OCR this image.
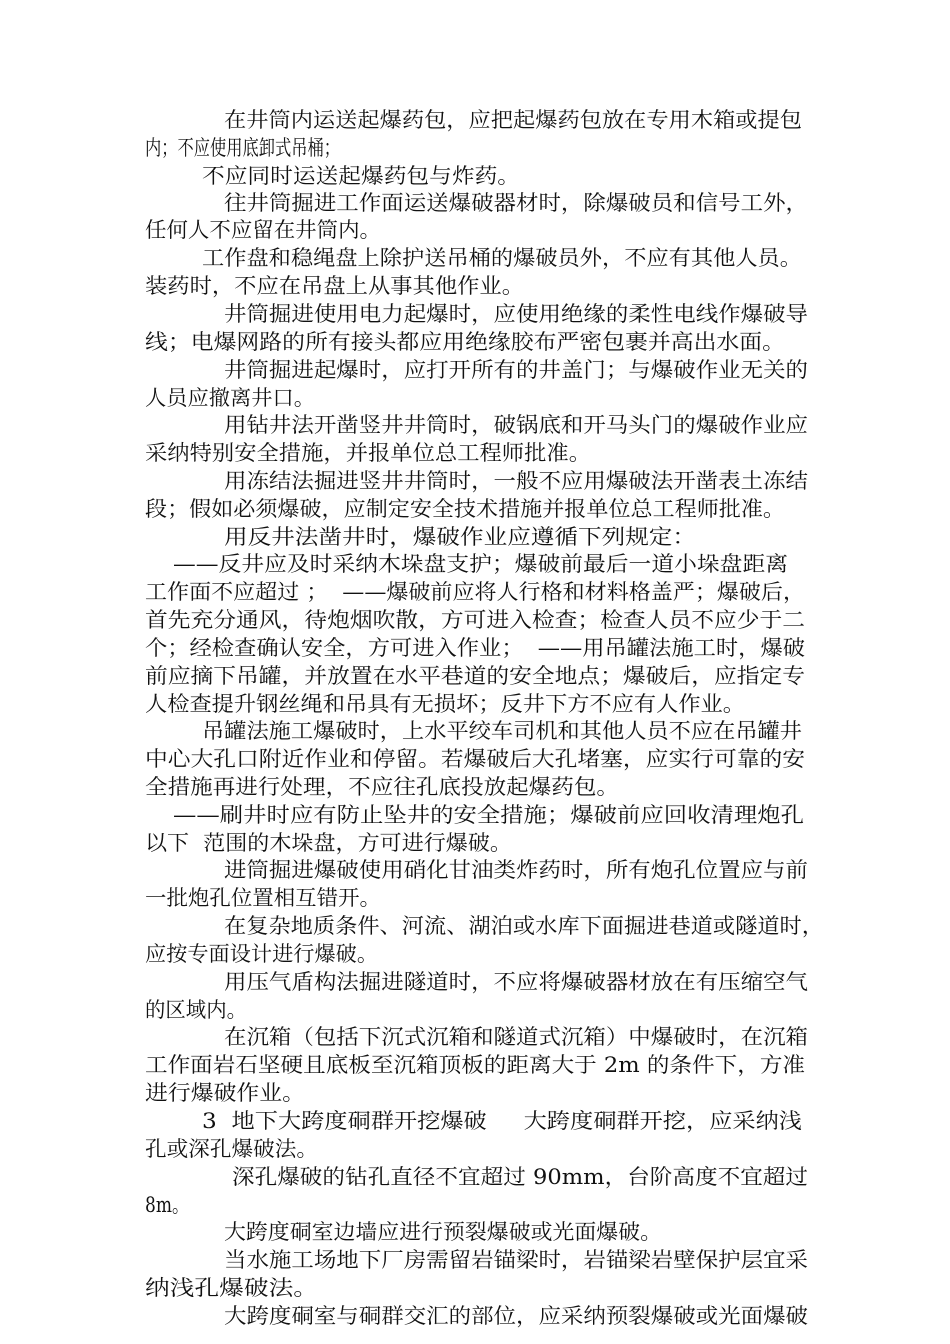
在井筒内运送起爆药包，应把起爆药包放在专用木箱或提包
内；不应使用底卸式吊桶；
不应同时运送起爆药包与炸药。
往井筒掘进工作面运送爆破器材时，除爆破员和信号工外，
任何人不应留在井筒内。
工作盘和稳绳盘上除护送吊桶的爆破员外，不应有其他人员。
装药时，不应在吊盘上从事其他作业。
井筒掘进使用电力起爆时，应使用绝缘的柔性电线作爆破导
线；电爆网路的所有接头都应用绝缘胶布严密包裹并高出水面。
井筒掘进起爆时，应打开所有的井盖门；与爆破作业无关的
人员应撤离井口。
用钻井法开凿竖井井筒时，破锅底和开马头门的爆破作业应
采纳特别安全措施，并报单位总工程师批准。
用冻结法掘进竖井井筒时，一般不应用爆破法开凿表土冻结
段；假如必须爆破，应制定安全技术措施并报单位总工程师批准。
用反井法凿井时，爆破作业应遵循下列规定：
——反井应及时采纳木垛盘支护；爆破前最后一道小垛盘距离
工作面不应超过 ；  ——爆破前应将人行格和材料格盖严；爆破后，
首先充分通风，待炮烟吹散，方可进入检查；检查人员不应少于二
个；经检查确认安全，方可进入作业；  ——用吊罐法施工时，爆破
前应摘下吊罐，并放置在水平巷道的安全地点；爆破后，应指定专
人检查提升钢丝绳和吊具有无损坏；反井下方不应有人作业。
吊罐法施工爆破时，上水平绞车司机和其他人员不应在吊罐井
中心大孔口附近作业和停留。若爆破后大孔堵塞，应实行可靠的安
全措施再进行处理，不应往孔底投放起爆药包。
——刷井时应有防止坠井的安全措施；爆破前应回收清理炮孔
以下  范围的木垛盘，方可进行爆破。
进筒掘进爆破使用硝化甘油类炸药时，所有炮孔位置应与前
一批炮孔位置相互错开。
在复杂地质条件、河流、湖泊或水库下面掘进巷道或隧道时，
应按专面设计进行爆破。
用压气盾构法掘进隧道时，不应将爆破器材放在有压缩空气
的区域内。
在沉箱（包括下沉式沉箱和隧道式沉箱）中爆破时，在沉箱
工作面岩石坚硬且底板至沉箱顶板的距离大于 2m 的条件下，方准
进行爆破作业。
3  地下大跨度硐群开挖爆破     大跨度硐群开挖，应采纳浅
孔或深孔爆破法。
深孔爆破的钻孔直径不宜超过 90mm，台阶高度不宜超过
8m。
大跨度硐室边墙应进行预裂爆破或光面爆破。
当水施工场地下厂房需留岩锚梁时，岩锚梁岩壁保护层宜采
纳浅孔爆破法。
大跨度硐室与硐群交汇的部位，应采纳预裂爆破或光面爆破
